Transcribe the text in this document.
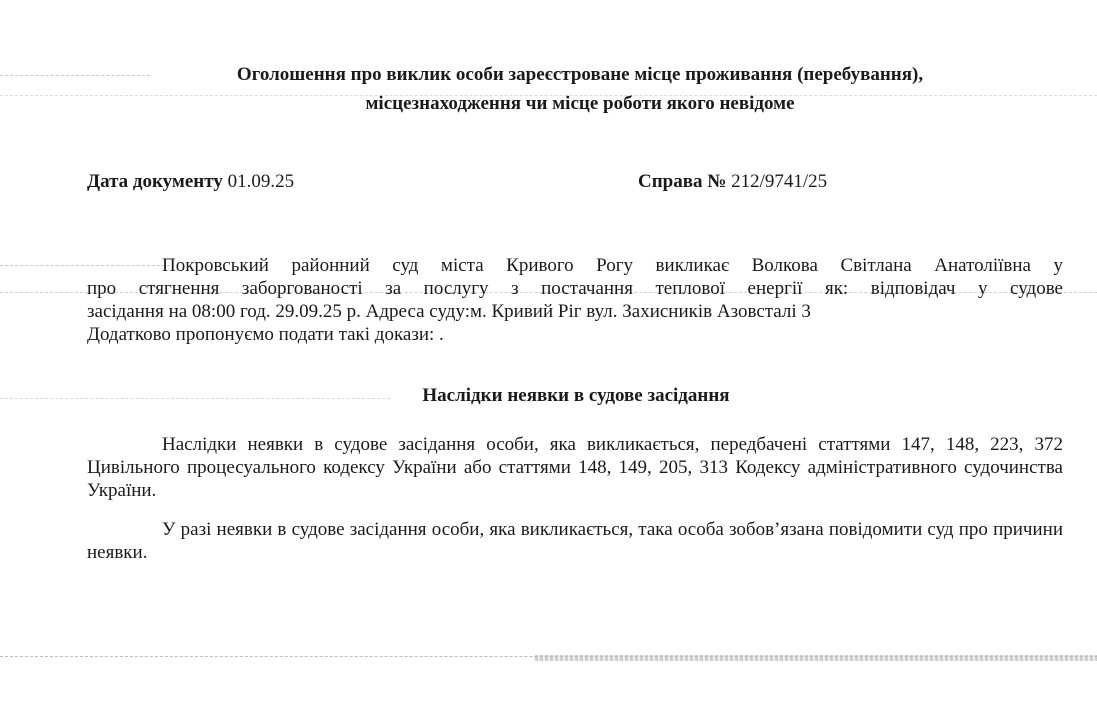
Оголошення про виклик особи зареєстроване місце проживання (перебування),
місцезнаходження чи місце роботи якого невідоме
Дата документу 01.09.25	Справа № 212/9741/25
Покровський районний суд міста Кривого Рогу викликає Волкова Світлана Анатоліївна у
про стягнення заборгованості за послугу з постачання теплової енергії як: відповідач у судове
засідання на 08:00 год. 29.09.25 р. Адреса суду:м. Кривий Ріг вул. Захисників Азовсталі 3
Додатково пропонуємо подати такі докази: .
Наслідки неявки в судове засідання
Наслідки неявки в судове засідання особи, яка викликається, передбачені статтями 147, 148, 223, 372 Цивільного процесуального кодексу України або статтями 148, 149, 205, 313 Кодексу адміністративного судочинства України.
У разі неявки в судове засідання особи, яка викликається, така особа зобов’язана повідомити суд про причини неявки.
